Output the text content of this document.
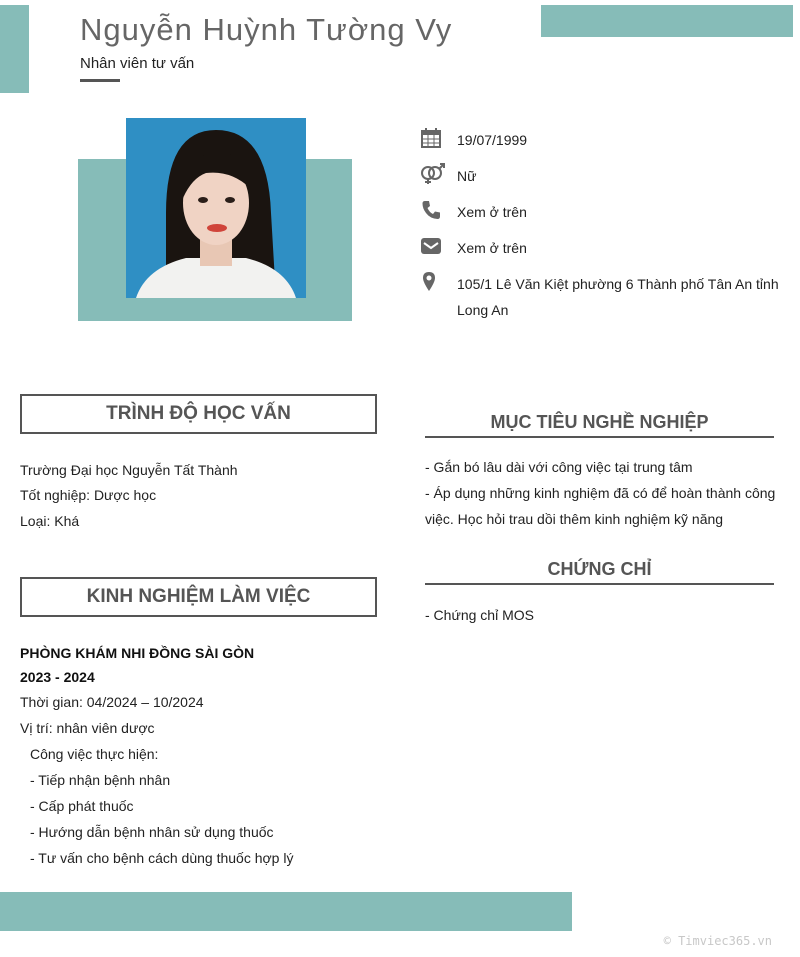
Nguyễn Huỳnh Tường Vy
Nhân viên tư vấn
19/07/1999
Nữ
Xem ở trên
Xem ở trên
105/1 Lê Văn Kiệt phường 6 Thành phố Tân An tỉnh Long An
TRÌNH ĐỘ HỌC VẤN
Trường Đại học Nguyễn Tất Thành
Tốt nghiệp: Dược học
Loại: Khá
KINH NGHIỆM LÀM VIỆC
PHÒNG KHÁM NHI ĐỒNG SÀI GÒN
2023 - 2024
Thời gian: 04/2024 – 10/2024
Vị trí: nhân viên dược
Công việc thực hiện:
- Tiếp nhận bệnh nhân
- Cấp phát thuốc
- Hướng dẫn bệnh nhân sử dụng thuốc
- Tư vấn cho bệnh cách dùng thuốc hợp lý
MỤC TIÊU NGHỀ NGHIỆP
- Gắn bó lâu dài với công việc tại trung tâm
- Áp dụng những kinh nghiệm đã có để hoàn thành công việc. Học hỏi trau dồi thêm kinh nghiệm kỹ năng
CHỨNG CHỈ
- Chứng chỉ MOS
© Timviec365.vn
